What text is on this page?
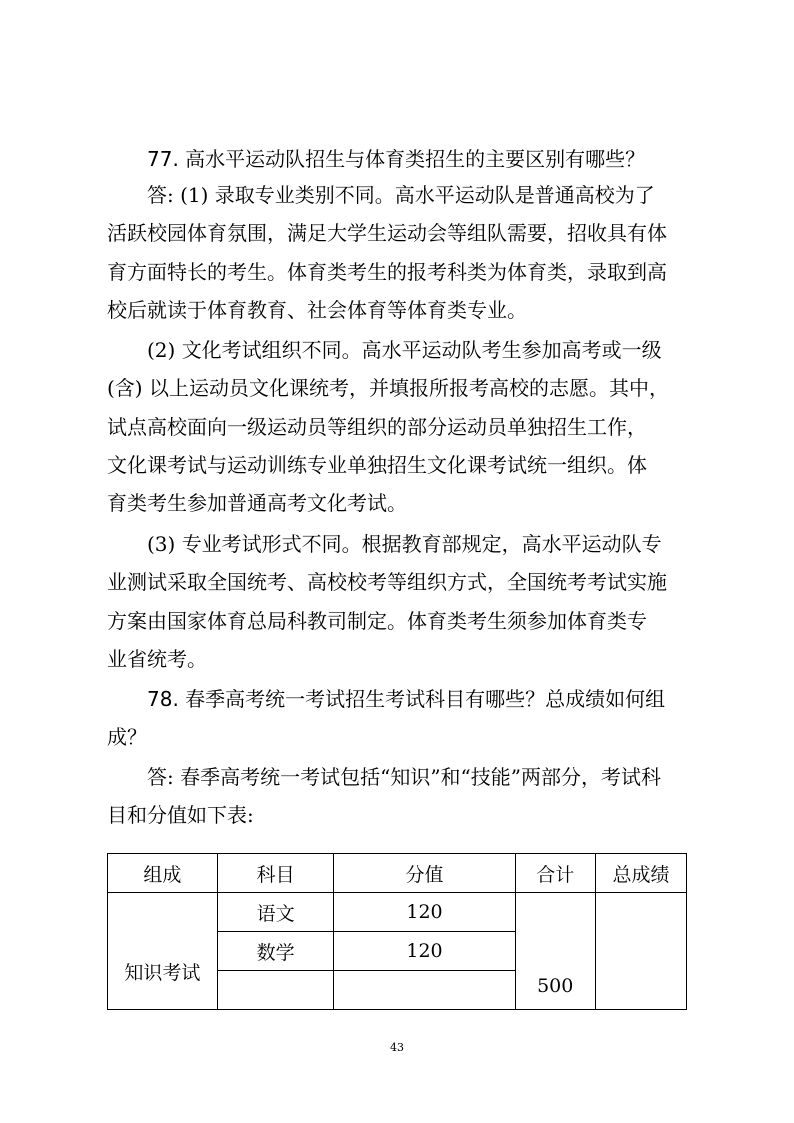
77. 高水平运动队招生与体育类招生的主要区别有哪些？
答: (1) 录取专业类别不同。高水平运动队是普通高校为了
活跃校园体育氛围，满足大学生运动会等组队需要，招收具有体
育方面特长的考生。体育类考生的报考科类为体育类，录取到高
校后就读于体育教育、社会体育等体育类专业。
(2) 文化考试组织不同。高水平运动队考生参加高考或一级
(含) 以上运动员文化课统考，并填报所报考高校的志愿。其中，
试点高校面向一级运动员等组织的部分运动员单独招生工作，
文化课考试与运动训练专业单独招生文化课考试统一组织。体
育类考生参加普通高考文化考试。
(3) 专业考试形式不同。根据教育部规定，高水平运动队专
业测试采取全国统考、高校校考等组织方式，全国统考考试实施
方案由国家体育总局科教司制定。体育类考生须参加体育类专
业省统考。
78. 春季高考统一考试招生考试科目有哪些？总成绩如何组
成？
答: 春季高考统一考试包括“知识”和“技能”两部分，考试科
目和分值如下表:
组成	科目	分值	合计	总成绩
知识考试	语文	120	500	
	数学	120		

43
